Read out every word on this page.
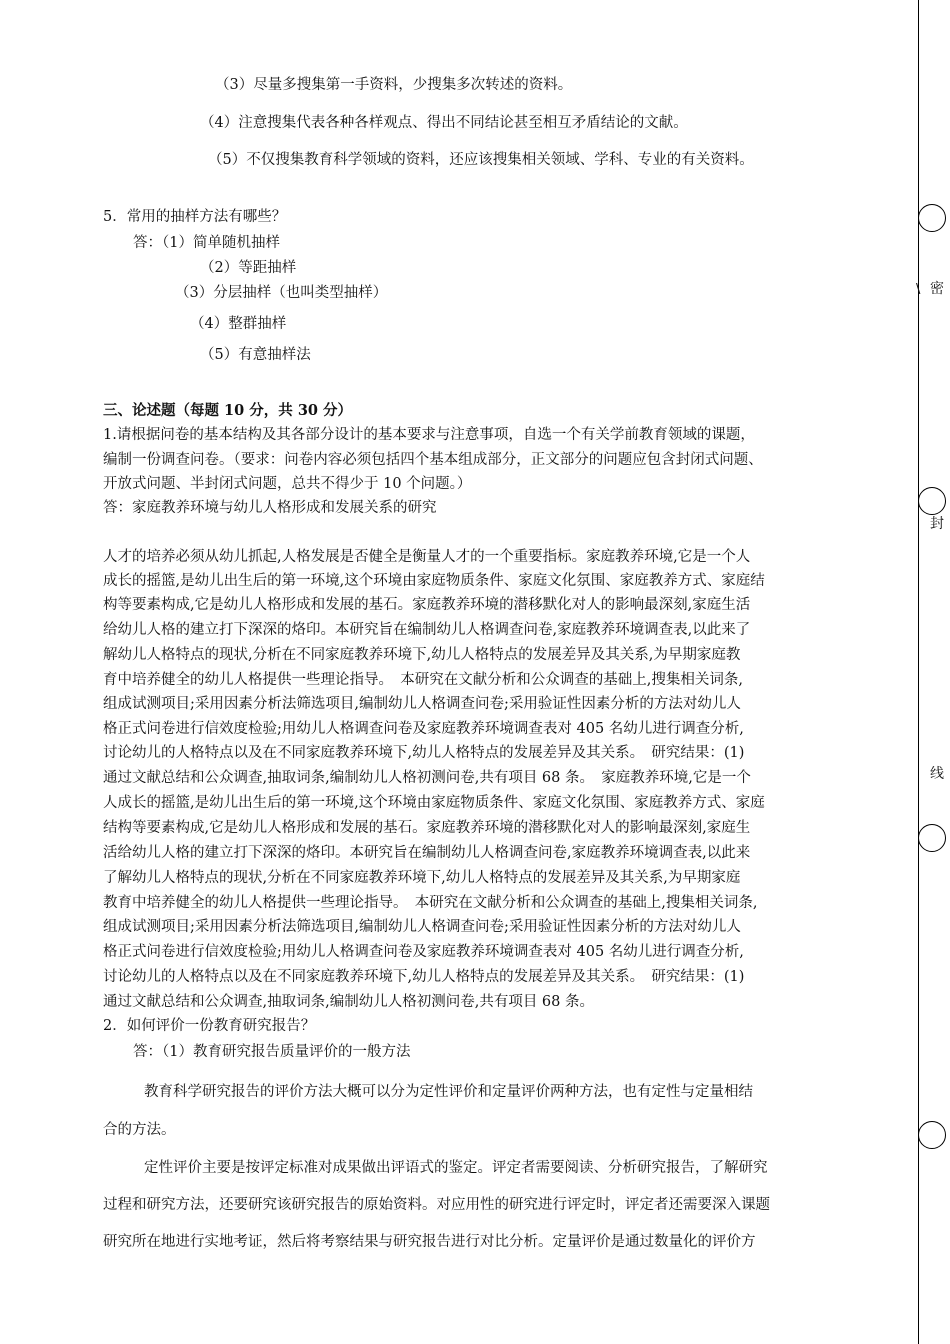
\ 密
封
线
（3）尽量多搜集第一手资料，少搜集多次转述的资料。
（4）注意搜集代表各种各样观点、得出不同结论甚至相互矛盾结论的文献。
（5）不仅搜集教育科学领域的资料，还应该搜集相关领域、学科、专业的有关资料。
5．常用的抽样方法有哪些？
答：（1）简单随机抽样
（2）等距抽样
（3）分层抽样（也叫类型抽样）
（4）整群抽样
（5）有意抽样法
三、论述题（每题 10 分，共 30 分）
1.请根据问卷的基本结构及其各部分设计的基本要求与注意事项，自选一个有关学前教育领域的课题，
编制一份调查问卷。（要求：问卷内容必须包括四个基本组成部分，正文部分的问题应包含封闭式问题、
开放式问题、半封闭式问题，总共不得少于 10 个问题。）
答：家庭教养环境与幼儿人格形成和发展关系的研究
人才的培养必须从幼儿抓起,人格发展是否健全是衡量人才的一个重要指标。家庭教养环境,它是一个人
成长的摇篮,是幼儿出生后的第一环境,这个环境由家庭物质条件、家庭文化氛围、家庭教养方式、家庭结
构等要素构成,它是幼儿人格形成和发展的基石。家庭教养环境的潜移默化对人的影响最深刻,家庭生活
给幼儿人格的建立打下深深的烙印。本研究旨在编制幼儿人格调查问卷,家庭教养环境调查表,以此来了
解幼儿人格特点的现状,分析在不同家庭教养环境下,幼儿人格特点的发展差异及其关系,为早期家庭教
育中培养健全的幼儿人格提供一些理论指导。　本研究在文献分析和公众调查的基础上,搜集相关词条,
组成试测项目;采用因素分析法筛选项目,编制幼儿人格调查问卷;采用验证性因素分析的方法对幼儿人
格正式问卷进行信效度检验;用幼儿人格调查问卷及家庭教养环境调查表对 405 名幼儿进行调查分析,
讨论幼儿的人格特点以及在不同家庭教养环境下,幼儿人格特点的发展差异及其关系。　研究结果：(1)
通过文献总结和公众调查,抽取词条,编制幼儿人格初测问卷,共有项目 68 条。　家庭教养环境,它是一个
人成长的摇篮,是幼儿出生后的第一环境,这个环境由家庭物质条件、家庭文化氛围、家庭教养方式、家庭
结构等要素构成,它是幼儿人格形成和发展的基石。家庭教养环境的潜移默化对人的影响最深刻,家庭生
活给幼儿人格的建立打下深深的烙印。本研究旨在编制幼儿人格调查问卷,家庭教养环境调查表,以此来
了解幼儿人格特点的现状,分析在不同家庭教养环境下,幼儿人格特点的发展差异及其关系,为早期家庭
教育中培养健全的幼儿人格提供一些理论指导。　本研究在文献分析和公众调查的基础上,搜集相关词条,
组成试测项目;采用因素分析法筛选项目,编制幼儿人格调查问卷;采用验证性因素分析的方法对幼儿人
格正式问卷进行信效度检验;用幼儿人格调查问卷及家庭教养环境调查表对 405 名幼儿进行调查分析,
讨论幼儿的人格特点以及在不同家庭教养环境下,幼儿人格特点的发展差异及其关系。　研究结果：(1)
通过文献总结和公众调查,抽取词条,编制幼儿人格初测问卷,共有项目 68 条。
2．如何评价一份教育研究报告？
答：（1）教育研究报告质量评价的一般方法
教育科学研究报告的评价方法大概可以分为定性评价和定量评价两种方法，也有定性与定量相结
合的方法。
定性评价主要是按评定标准对成果做出评语式的鉴定。评定者需要阅读、分析研究报告，了解研究
过程和研究方法，还要研究该研究报告的原始资料。对应用性的研究进行评定时，评定者还需要深入课题
研究所在地进行实地考证，然后将考察结果与研究报告进行对比分析。定量评价是通过数量化的评价方
